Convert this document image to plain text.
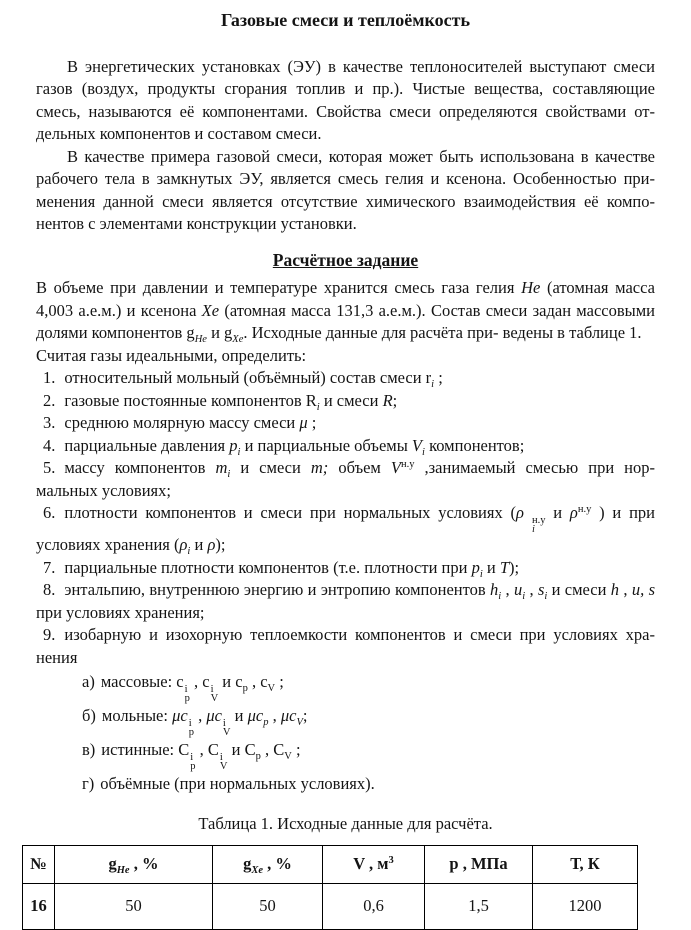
Газовые смеси и теплоёмкость

В энергетических установках (ЭУ) в качестве теплоносителей выступают смеси газов (воздух, продукты сгорания топлив и пр.). Чистые вещества, составляющие смесь, называются её компонентами. Свойства смеси определяются свойствами от- дельных компонентов и составом смеси.

В качестве примера газовой смеси, которая может быть использована в качестве рабочего тела в замкнутых ЭУ, является смесь гелия и ксенона. Особенностью при- менения данной смеси является отсутствие химического взаимодействия её компо- нентов с элементами конструкции установки.

Расчётное задание

В объеме при давлении и температуре хранится смесь газа гелия He (атомная масса 4,003 а.е.м.) и ксенона Xe (атомная масса 131,3 а.е.м.). Состав смеси задан массовыми долями компонентов $g_{He}$ и $g_{Xe}$. Исходные данные для расчёта при- ведены в таблице 1.

Считая газы идеальными, определить:

1. относительный мольный (объёмный) состав смеси $r_i$ ;

2. газовые постоянные компонентов $R_i$ и смеси R;

3. среднюю молярную массу смеси μ ;

4. парциальные давления $p_i$ и парциальные объемы $V_i$ компонентов;

5. массу компонентов $m_i$ и смеси m; объем $V^{н.у}$ ,занимаемый смесью при нор- мальных условиях;

6. плотности компонентов и смеси при нормальных условиях (ρ н.у
i
и $\rho^{н.у}$ ) и при условиях хранения ($\rho_i$ и ρ);

7. парциальные плотности компонентов (т.е. плотности при $p_i$ и T);

8. энтальпию, внутреннюю энергию и энтропию компонентов $h_i$ , $u_i$ , $s_i$ и смеси h , u, s при условиях хранения;

9. изобарную и изохорную теплоемкости компонентов и смеси при условиях хра- нения

а) массовые: c i
p
, c i
V
и $c_p$ , $c_V$ ;

б) мольные: μc i
p
, μc i
V
и $\mu c_p$ , $\mu c_V$;

в) истинные: C i
p
, C i
V
и $C_p$ , $C_V$ ;

г) объёмные (при нормальных условиях).

Таблица 1. Исходные данные для расчёта.
№	$g_{He}$ , %	$g_{Xe}$ , %	V , $м^3$	p , МПа	Т, К
16	50	50	0,6	1,5	1200
